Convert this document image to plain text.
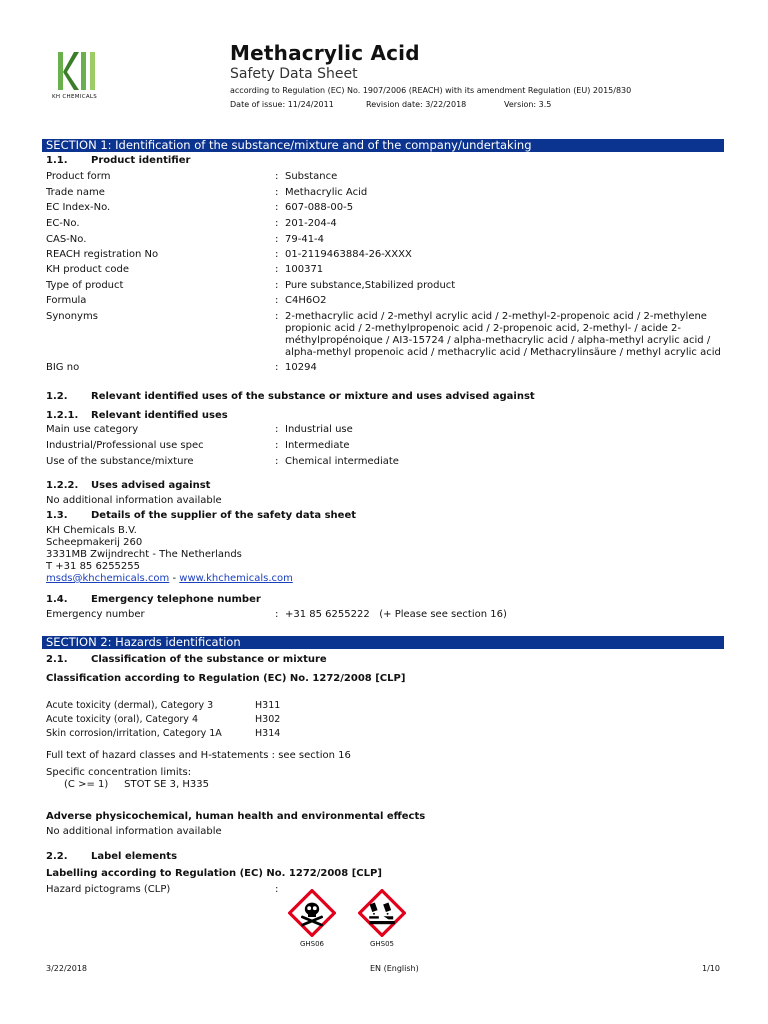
KH CHEMICALS
Methacrylic Acid
Safety Data Sheet
according to Regulation (EC) No. 1907/2006 (REACH) with its amendment Regulation (EU) 2015/830
Date of issue: 11/24/2011	Revision date: 3/22/2018	Version: 3.5
SECTION 1: Identification of the substance/mixture and of the company/undertaking
1.1. Product identifier
Product form	: Substance
Trade name	: Methacrylic Acid
EC Index-No.	: 607-088-00-5
EC-No.	: 201-204-4
CAS-No.	: 79-41-4
REACH registration No	: 01-2119463884-26-XXXX
KH product code	: 100371
Type of product	: Pure substance,Stabilized product
Formula	: C4H6O2
Synonyms	: 2-methacrylic acid / 2-methyl acrylic acid / 2-methyl-2-propenoic acid / 2-methylene propionic acid / 2-methylpropenoic acid / 2-propenoic acid, 2-methyl- / acide 2-méthylpropénoique / AI3-15724 / alpha-methacrylic acid / alpha-methyl acrylic acid / alpha-methyl propenoic acid / methacrylic acid / Methacrylinsäure / methyl acrylic acid
BIG no	: 10294
1.2. Relevant identified uses of the substance or mixture and uses advised against
1.2.1. Relevant identified uses
Main use category	: Industrial use
Industrial/Professional use spec	: Intermediate
Use of the substance/mixture	: Chemical intermediate
1.2.2. Uses advised against
No additional information available
1.3. Details of the supplier of the safety data sheet
KH Chemicals B.V.
Scheepmakerij 260
3331MB Zwijndrecht - The Netherlands
T +31 85 6255255
msds@khchemicals.com - www.khchemicals.com
1.4. Emergency telephone number
Emergency number	: +31 85 6255222   (+ Please see section 16)
SECTION 2: Hazards identification
2.1. Classification of the substance or mixture
Classification according to Regulation (EC) No. 1272/2008 [CLP]
Acute toxicity (dermal), Category 3	H311
Acute toxicity (oral), Category 4	H302
Skin corrosion/irritation, Category 1A	H314
Full text of hazard classes and H-statements : see section 16
Specific concentration limits:
(C >= 1)     STOT SE 3, H335
Adverse physicochemical, human health and environmental effects
No additional information available
2.2. Label elements
Labelling according to Regulation (EC) No. 1272/2008 [CLP]
Hazard pictograms (CLP)	:
GHS06	GHS05
3/22/2018	EN (English)	1/10
